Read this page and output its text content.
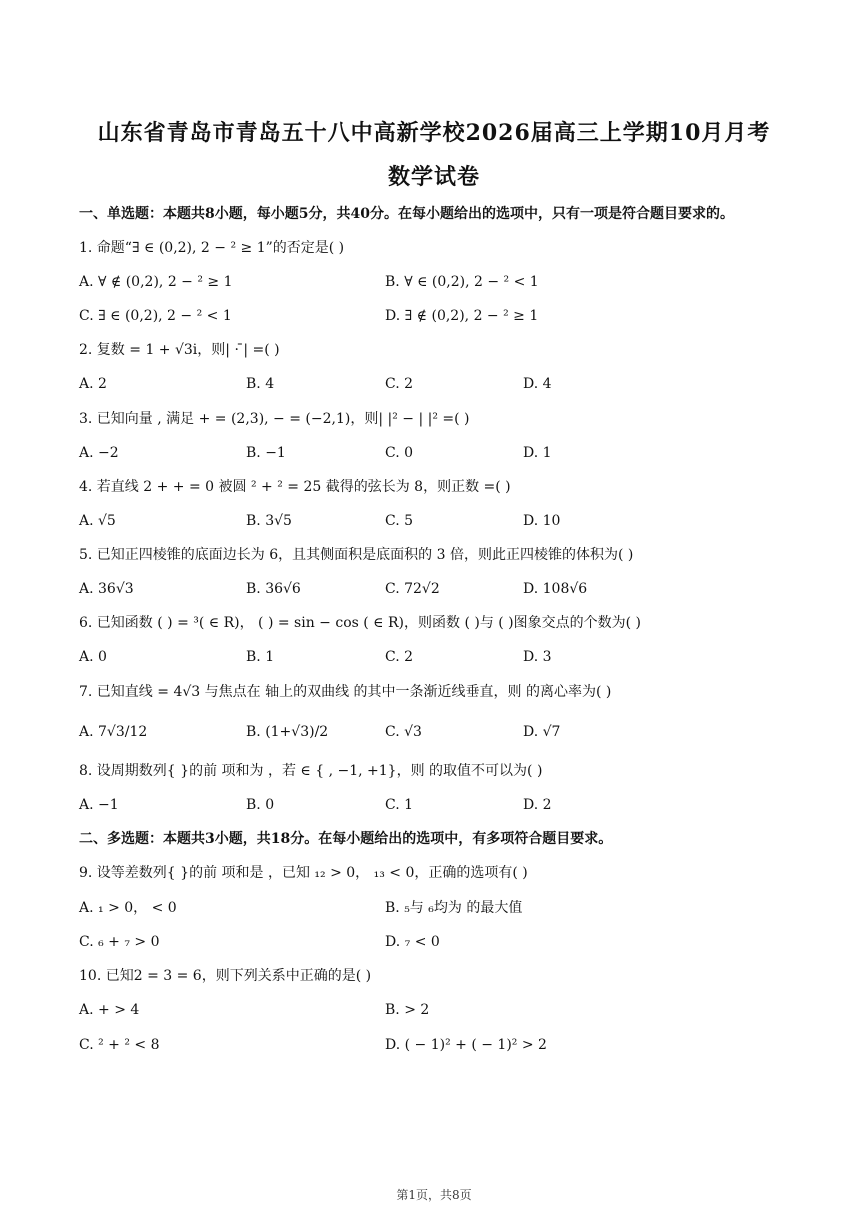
山东省青岛市青岛五十八中高新学校2026届高三上学期10月月考
数学试卷
一、单选题：本题共8小题，每小题5分，共40分。在每小题给出的选项中，只有一项是符合题目要求的。
1. 命题“∃ ∈ (0,2), 2 − ² ≥ 1”的否定是( )
A. ∀ ∉ (0,2), 2 − ² ≥ 1	B. ∀ ∈ (0,2), 2 − ² < 1
C. ∃ ∈ (0,2), 2 − ² < 1	D. ∃ ∉ (0,2), 2 − ² ≥ 1
2. 复数 = 1 + √3i，则| · ̄| =( )
A. 2	B. 4	C. 2	D. 4
3. 已知向量 , 满足 + = (2,3), − = (−2,1)，则| |² − | |² =( )
A. −2	B. −1	C. 0	D. 1
4. 若直线 2 + + = 0 被圆 ² + ² = 25 截得的弦长为 8，则正数 =( )
A. √5	B. 3√5	C. 5	D. 10
5. 已知正四棱锥的底面边长为 6，且其侧面积是底面积的 3 倍，则此正四棱锥的体积为( )
A. 36√3	B. 36√6	C. 72√2	D. 108√6
6. 已知函数 ( ) = ³( ∈ R)， ( ) = sin − cos ( ∈ R)，则函数 ( )与 ( )图象交点的个数为( )
A. 0	B. 1	C. 2	D. 3
7. 已知直线 = 4√3 与焦点在 轴上的双曲线 的其中一条渐近线垂直，则 的离心率为( )
A. 7√3/12	B. (1+√3)/2	C. √3	D. √7
8. 设周期数列{ }的前 项和为 ，若 ∈ { , −1, +1}，则 的取值不可以为( )
A. −1	B. 0	C. 1	D. 2
二、多选题：本题共3小题，共18分。在每小题给出的选项中，有多项符合题目要求。
9. 设等差数列{ }的前 项和是 ，已知 ₁₂ > 0， ₁₃ < 0，正确的选项有( )
A. ₁ > 0， < 0	B. ₅与 ₆均为 的最大值
C. ₆ + ₇ > 0	D. ₇ < 0
10. 已知2 = 3 = 6，则下列关系中正确的是( )
A. + > 4	B. > 2
C. ² + ² < 8	D. ( − 1)² + ( − 1)² > 2
第1页，共8页
